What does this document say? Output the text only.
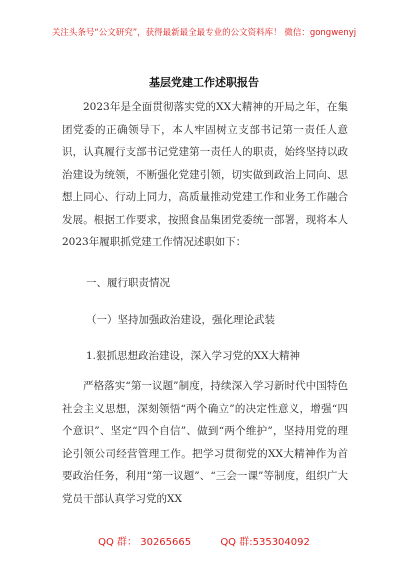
关注头条号“公文研究”，获得最新最全最专业的公文资料库！ 微信：gongwenyj
基层党建工作述职报告

2023年是全面贯彻落实党的XX大精神的开局之年，在集团党委的正确领导下，本人牢固树立支部书记第一责任人意识，认真履行支部书记党建第一责任人的职责，始终坚持以政治建设为统领，不断强化党建引领，切实做到政治上同向、思想上同心、行动上同力，高质量推动党建工作和业务工作融合发展。根据工作要求，按照食品集团党委统一部署，现将本人2023年履职抓党建工作情况述职如下：

一、履行职责情况
（一）坚持加强政治建设，强化理论武装
1.狠抓思想政治建设，深入学习党的XX大精神

严格落实“第一议题”制度，持续深入学习新时代中国特色社会主义思想，深刻领悟“两个确立”的决定性意义，增强“四个意识”、坚定“四个自信”、做到“两个维护”，坚持用党的理论引领公司经营管理工作。把学习贯彻党的XX大精神作为首要政治任务，利用“第一议题”、“三会一课”等制度，组织广大党员干部认真学习党的XX

QQ 群： 30265665	QQ 群:535304092
